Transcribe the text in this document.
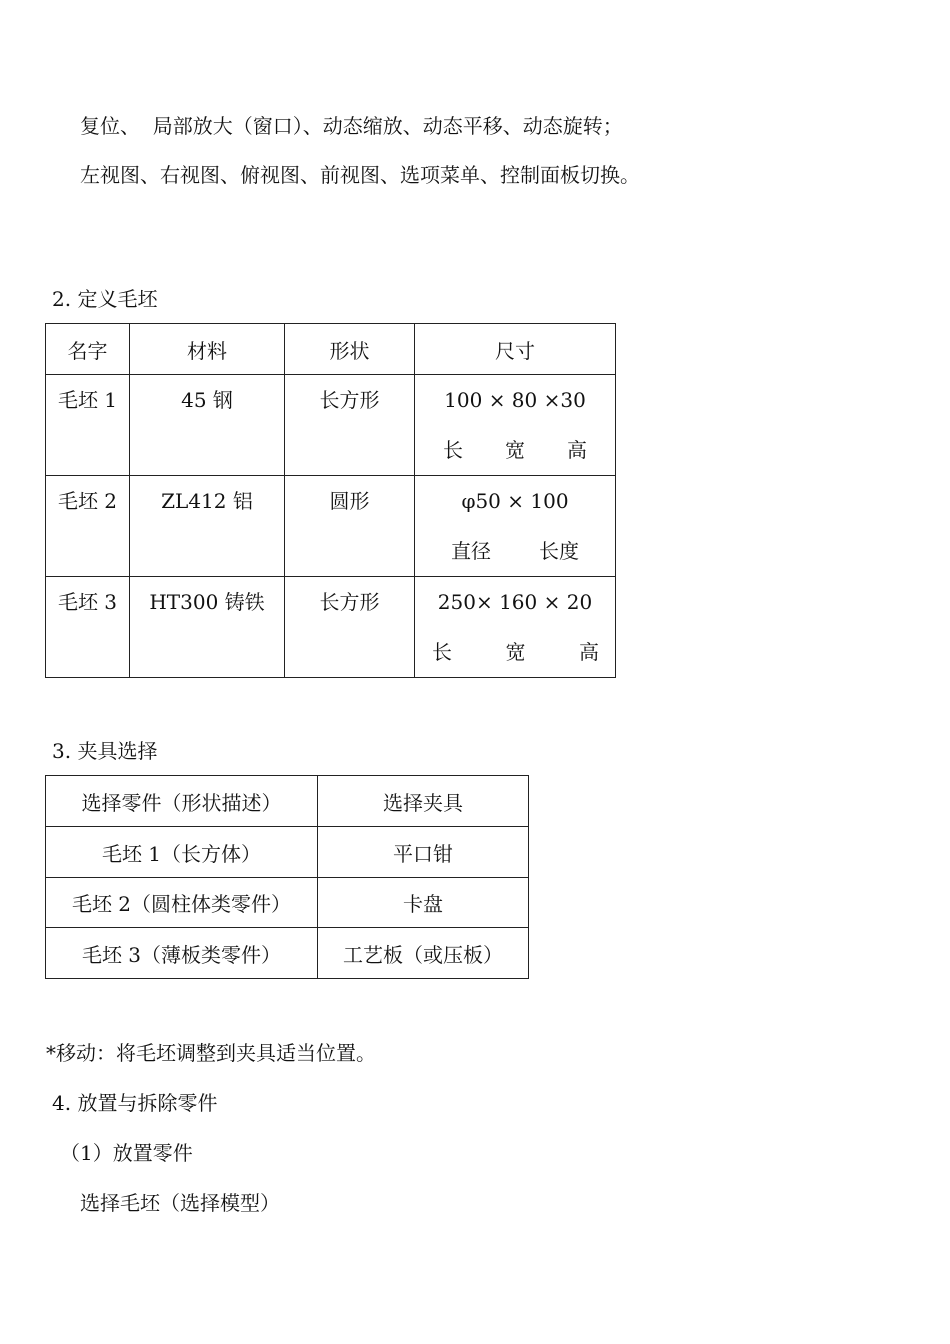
复位、  局部放大（窗口）、动态缩放、动态平移、动态旋转；
左视图、右视图、俯视图、前视图、选项菜单、控制面板切换。
2. 定义毛坯
名字	材料	形状	尺寸

毛坯 1	45 钢	长方形	100 × 80 ×30
长 宽 高

毛坯 2	ZL412 铝	圆形	φ50 × 100
直径 长度

毛坯 3	HT300 铸铁	长方形	250× 160 × 20
长 宽 高
3. 夹具选择
选择零件（形状描述）	选择夹具
毛坯 1（长方体）	平口钳
毛坯 2（圆柱体类零件）	卡盘
毛坯 3（薄板类零件）	工艺板（或压板）
*移动：将毛坯调整到夹具适当位置。
4. 放置与拆除零件
（1）放置零件
选择毛坯（选择模型）
